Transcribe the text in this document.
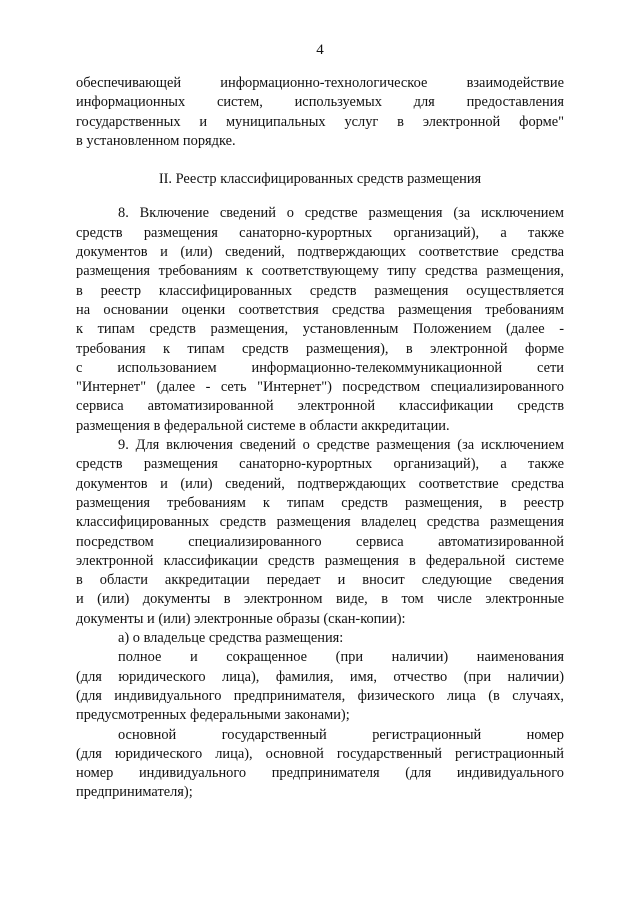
4
обеспечивающей информационно-технологическое взаимодействие
информационных систем, используемых для предоставления
государственных и муниципальных услуг в электронной форме"
в установленном порядке.
II. Реестр классифицированных средств размещения
8. Включение сведений о средстве размещения (за исключением
средств размещения санаторно-курортных организаций), а также
документов и (или) сведений, подтверждающих соответствие средства
размещения требованиям к соответствующему типу средства размещения,
в реестр классифицированных средств размещения осуществляется
на основании оценки соответствия средства размещения требованиям
к типам средств размещения, установленным Положением (далее -
требования к типам средств размещения), в электронной форме
с использованием информационно-телекоммуникационной сети
"Интернет" (далее - сеть "Интернет") посредством специализированного
сервиса автоматизированной электронной классификации средств
размещения в федеральной системе в области аккредитации.
9. Для включения сведений о средстве размещения (за исключением
средств размещения санаторно-курортных организаций), а также
документов и (или) сведений, подтверждающих соответствие средства
размещения требованиям к типам средств размещения, в реестр
классифицированных средств размещения владелец средства размещения
посредством специализированного сервиса автоматизированной
электронной классификации средств размещения в федеральной системе
в области аккредитации передает и вносит следующие сведения
и (или) документы в электронном виде, в том числе электронные
документы и (или) электронные образы (скан-копии):
а) о владельце средства размещения:
полное и сокращенное (при наличии) наименования
(для юридического лица), фамилия, имя, отчество (при наличии)
(для индивидуального предпринимателя, физического лица (в случаях,
предусмотренных федеральными законами);
основной государственный регистрационный номер
(для юридического лица), основной государственный регистрационный
номер индивидуального предпринимателя (для индивидуального
предпринимателя);
